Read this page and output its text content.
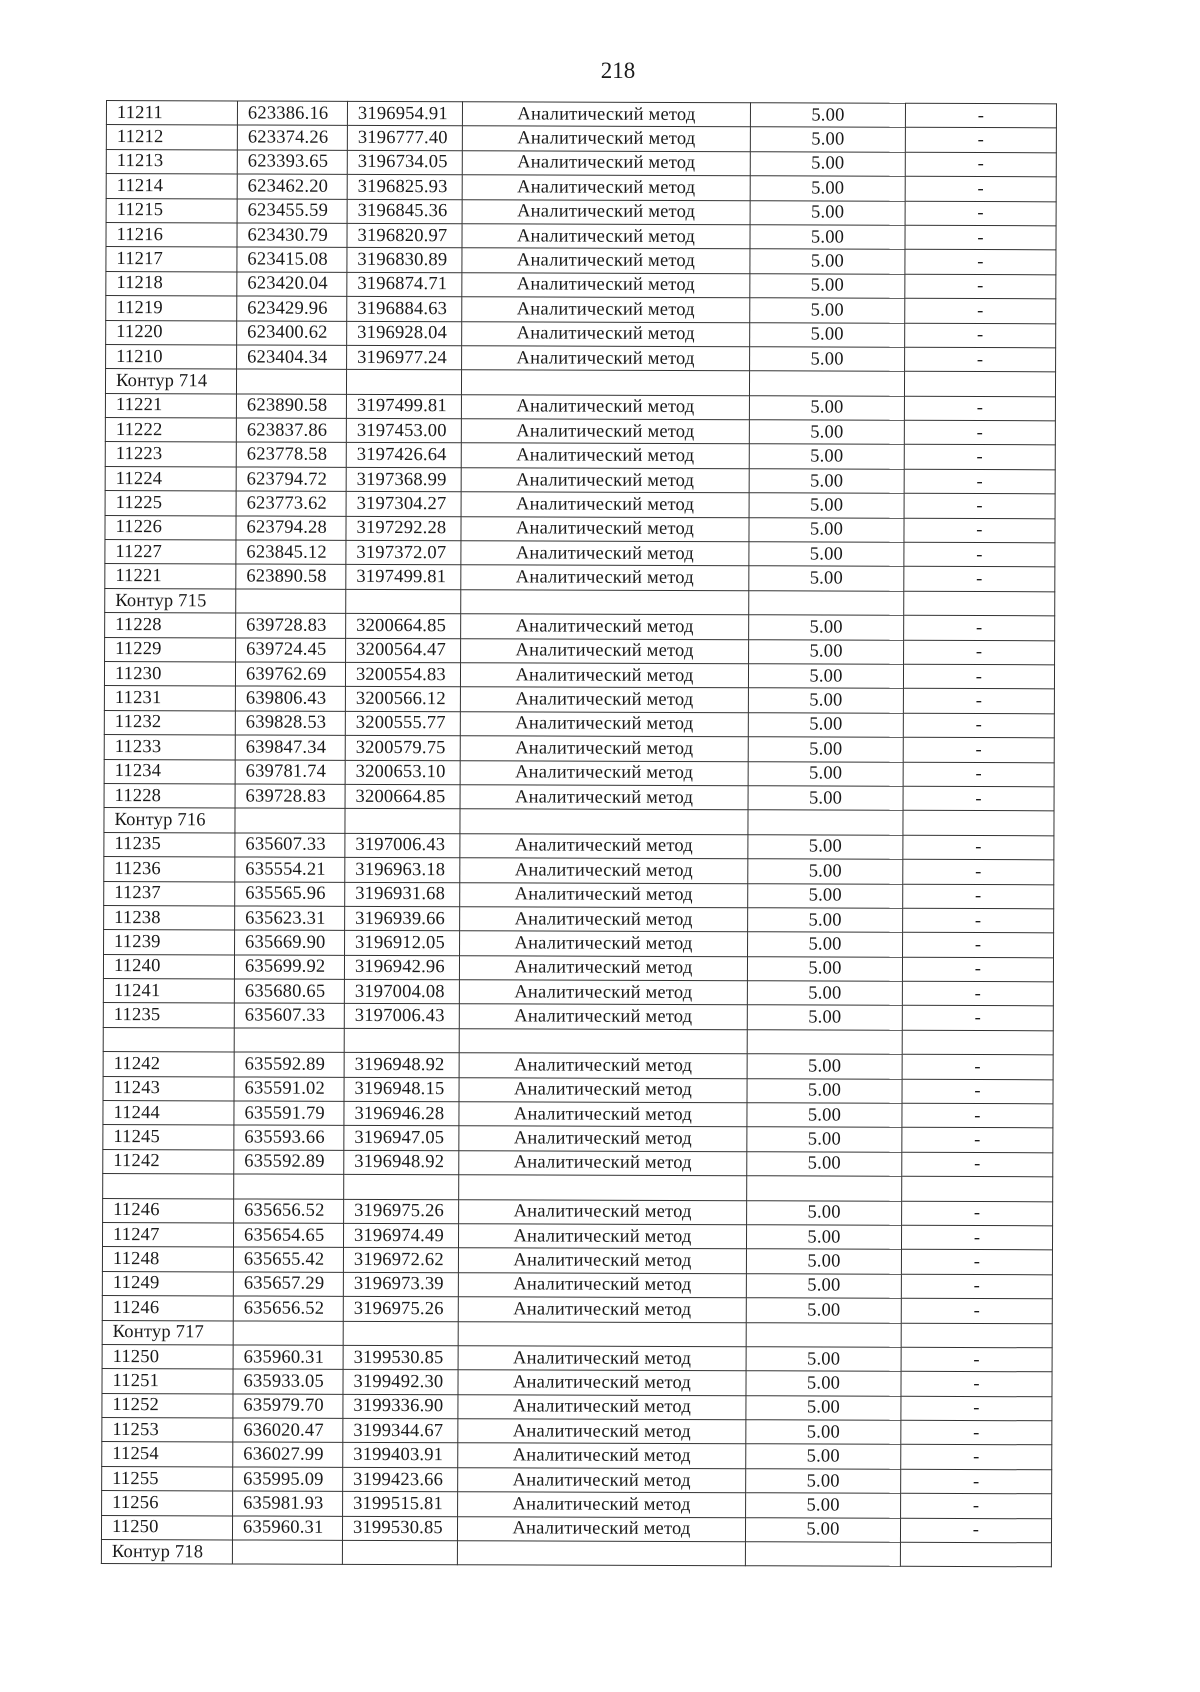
218
11211	623386.16	3196954.91	Аналитический метод	5.00	-
11212	623374.26	3196777.40	Аналитический метод	5.00	-
11213	623393.65	3196734.05	Аналитический метод	5.00	-
11214	623462.20	3196825.93	Аналитический метод	5.00	-
11215	623455.59	3196845.36	Аналитический метод	5.00	-
11216	623430.79	3196820.97	Аналитический метод	5.00	-
11217	623415.08	3196830.89	Аналитический метод	5.00	-
11218	623420.04	3196874.71	Аналитический метод	5.00	-
11219	623429.96	3196884.63	Аналитический метод	5.00	-
11220	623400.62	3196928.04	Аналитический метод	5.00	-
11210	623404.34	3196977.24	Аналитический метод	5.00	-
Контур 714					
11221	623890.58	3197499.81	Аналитический метод	5.00	-
11222	623837.86	3197453.00	Аналитический метод	5.00	-
11223	623778.58	3197426.64	Аналитический метод	5.00	-
11224	623794.72	3197368.99	Аналитический метод	5.00	-
11225	623773.62	3197304.27	Аналитический метод	5.00	-
11226	623794.28	3197292.28	Аналитический метод	5.00	-
11227	623845.12	3197372.07	Аналитический метод	5.00	-
11221	623890.58	3197499.81	Аналитический метод	5.00	-
Контур 715					
11228	639728.83	3200664.85	Аналитический метод	5.00	-
11229	639724.45	3200564.47	Аналитический метод	5.00	-
11230	639762.69	3200554.83	Аналитический метод	5.00	-
11231	639806.43	3200566.12	Аналитический метод	5.00	-
11232	639828.53	3200555.77	Аналитический метод	5.00	-
11233	639847.34	3200579.75	Аналитический метод	5.00	-
11234	639781.74	3200653.10	Аналитический метод	5.00	-
11228	639728.83	3200664.85	Аналитический метод	5.00	-
Контур 716					
11235	635607.33	3197006.43	Аналитический метод	5.00	-
11236	635554.21	3196963.18	Аналитический метод	5.00	-
11237	635565.96	3196931.68	Аналитический метод	5.00	-
11238	635623.31	3196939.66	Аналитический метод	5.00	-
11239	635669.90	3196912.05	Аналитический метод	5.00	-
11240	635699.92	3196942.96	Аналитический метод	5.00	-
11241	635680.65	3197004.08	Аналитический метод	5.00	-
11235	635607.33	3197006.43	Аналитический метод	5.00	-

11242	635592.89	3196948.92	Аналитический метод	5.00	-
11243	635591.02	3196948.15	Аналитический метод	5.00	-
11244	635591.79	3196946.28	Аналитический метод	5.00	-
11245	635593.66	3196947.05	Аналитический метод	5.00	-
11242	635592.89	3196948.92	Аналитический метод	5.00	-

11246	635656.52	3196975.26	Аналитический метод	5.00	-
11247	635654.65	3196974.49	Аналитический метод	5.00	-
11248	635655.42	3196972.62	Аналитический метод	5.00	-
11249	635657.29	3196973.39	Аналитический метод	5.00	-
11246	635656.52	3196975.26	Аналитический метод	5.00	-
Контур 717					
11250	635960.31	3199530.85	Аналитический метод	5.00	-
11251	635933.05	3199492.30	Аналитический метод	5.00	-
11252	635979.70	3199336.90	Аналитический метод	5.00	-
11253	636020.47	3199344.67	Аналитический метод	5.00	-
11254	636027.99	3199403.91	Аналитический метод	5.00	-
11255	635995.09	3199423.66	Аналитический метод	5.00	-
11256	635981.93	3199515.81	Аналитический метод	5.00	-
11250	635960.31	3199530.85	Аналитический метод	5.00	-
Контур 718					
